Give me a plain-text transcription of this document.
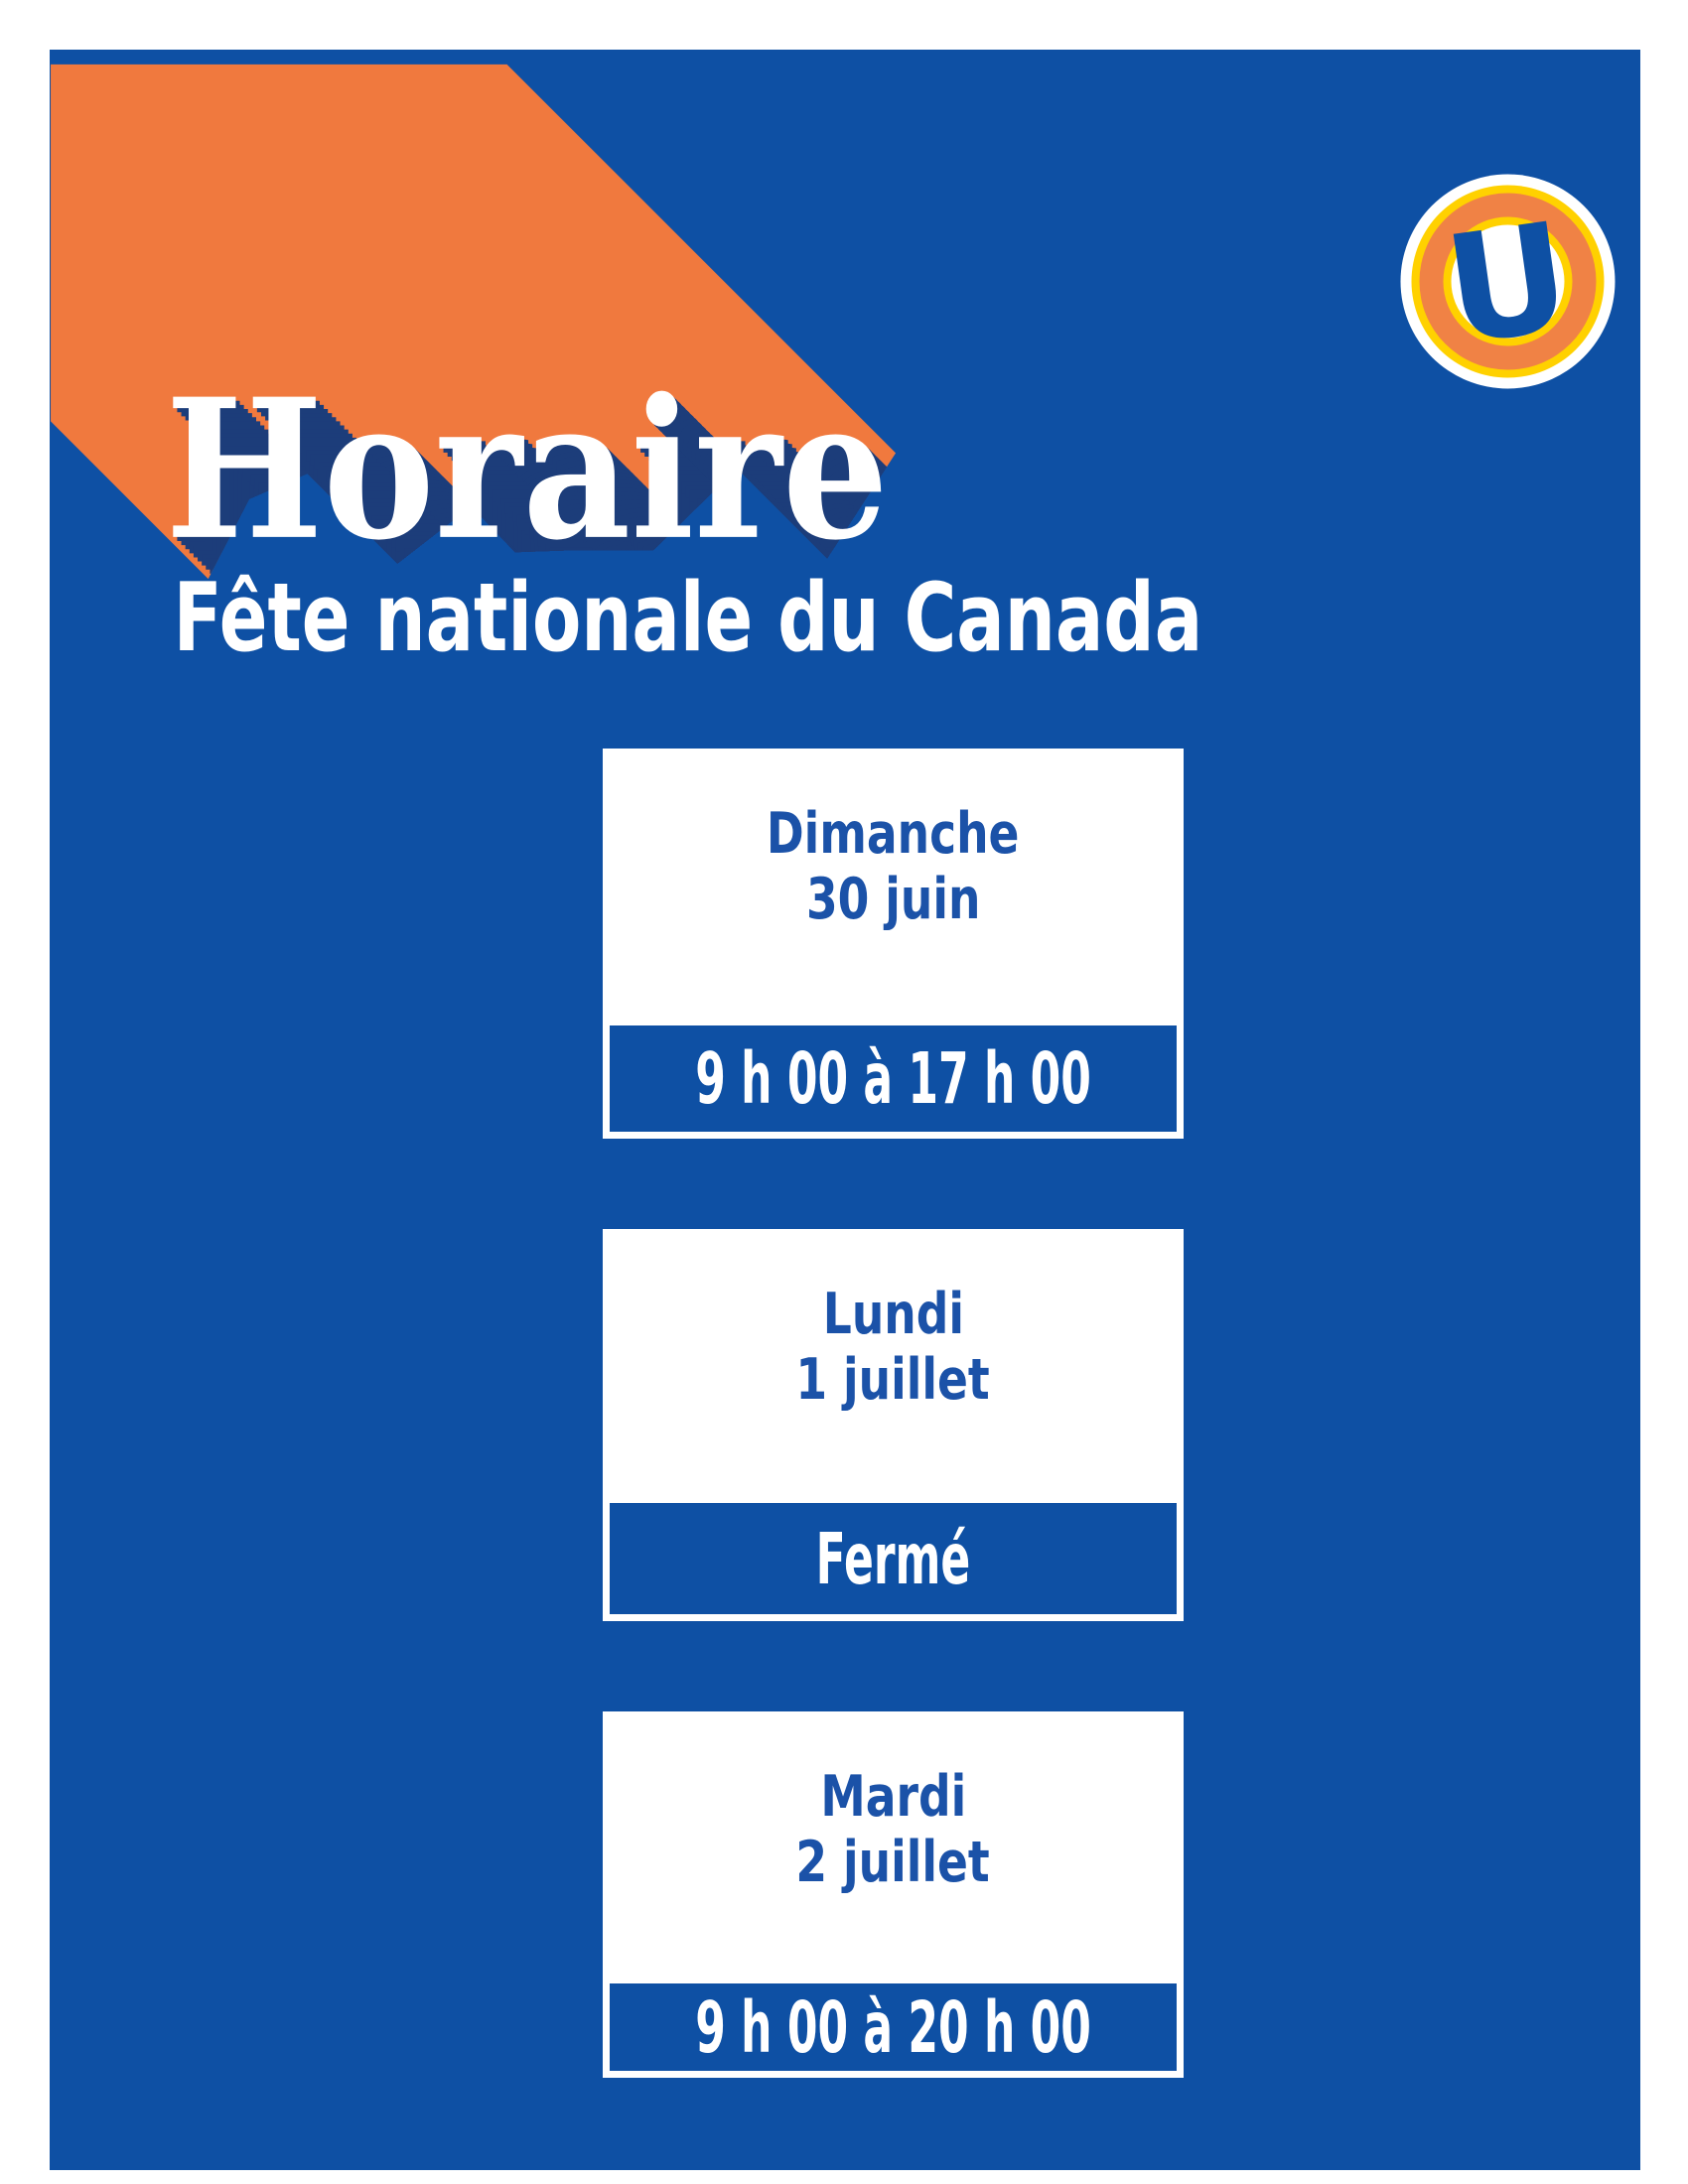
Fête nationale du Canada
U
Dimanche
30 juin
9 h 00 à 17 h 00
Lundi
1 juillet
Fermé
Mardi
2 juillet
9 h 00 à 20 h 00
